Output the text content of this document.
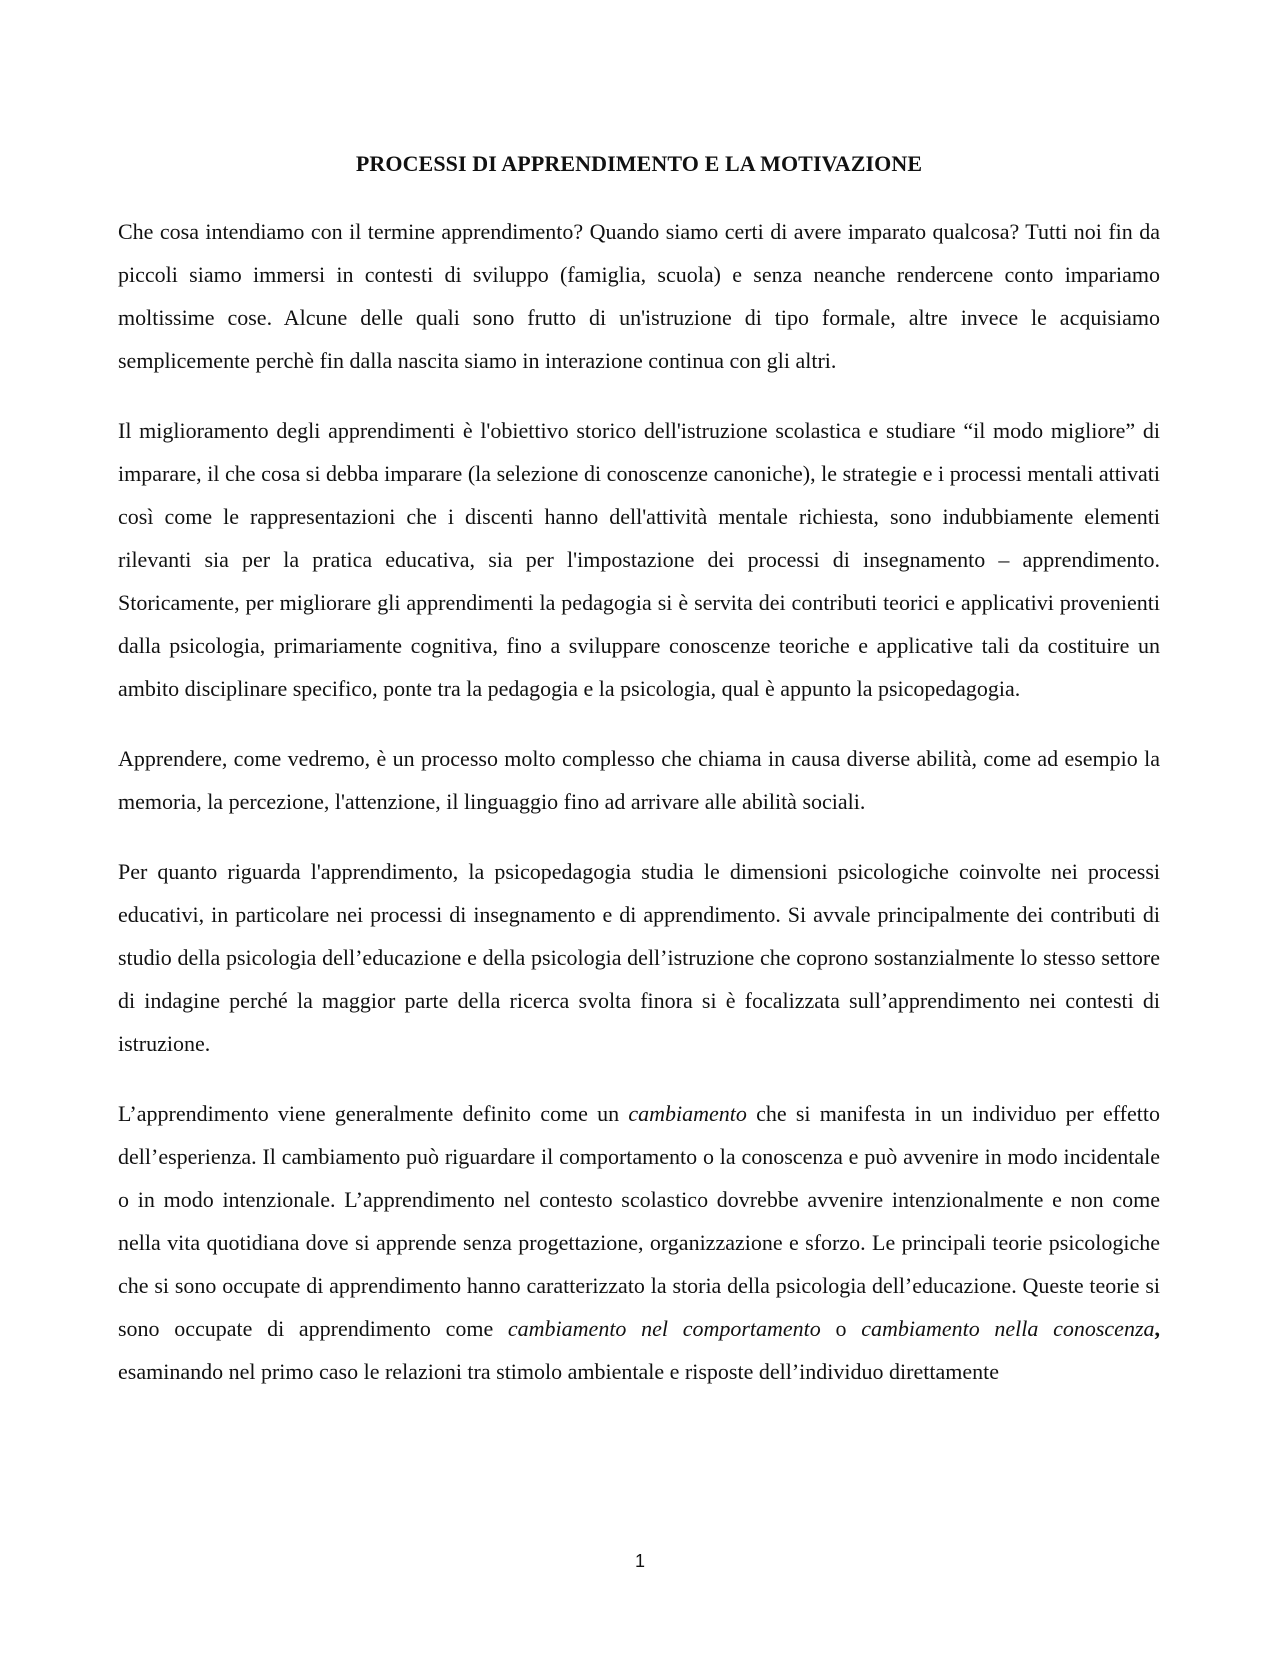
PROCESSI DI APPRENDIMENTO E LA MOTIVAZIONE

Che cosa intendiamo con il termine apprendimento? Quando siamo certi di avere imparato qualcosa? Tutti noi fin da piccoli siamo immersi in contesti di sviluppo (famiglia, scuola) e senza neanche rendercene conto impariamo moltissime cose. Alcune delle quali sono frutto di un'istruzione di tipo formale, altre invece le acquisiamo semplicemente perchè fin dalla nascita siamo in interazione continua con gli altri.

Il miglioramento degli apprendimenti è l'obiettivo storico dell'istruzione scolastica e studiare “il modo migliore” di imparare, il che cosa si debba imparare (la selezione di conoscenze canoniche), le strategie e i processi mentali attivati così come le rappresentazioni che i discenti hanno dell'attività mentale richiesta, sono indubbiamente elementi rilevanti sia per la pratica educativa, sia per l'impostazione dei processi di insegnamento – apprendimento. Storicamente, per migliorare gli apprendimenti la pedagogia si è servita dei contributi teorici e applicativi provenienti dalla psicologia, primariamente cognitiva, fino a sviluppare conoscenze teoriche e applicative tali da costituire un ambito disciplinare specifico, ponte tra la pedagogia e la psicologia, qual è appunto la psicopedagogia.

Apprendere, come vedremo, è un processo molto complesso che chiama in causa diverse abilità, come ad esempio la memoria, la percezione, l'attenzione, il linguaggio fino ad arrivare alle abilità sociali.

Per quanto riguarda l'apprendimento, la psicopedagogia studia le dimensioni psicologiche coinvolte nei processi educativi, in particolare nei processi di insegnamento e di apprendimento. Si avvale principalmente dei contributi di studio della psicologia dell’educazione e della psicologia dell’istruzione che coprono sostanzialmente lo stesso settore di indagine perché la maggior parte della ricerca svolta finora si è focalizzata sull’apprendimento nei contesti di istruzione.

L’apprendimento viene generalmente definito come un cambiamento che si manifesta in un individuo per effetto dell’esperienza. Il cambiamento può riguardare il comportamento o la conoscenza e può avvenire in modo incidentale o in modo intenzionale. L’apprendimento nel contesto scolastico dovrebbe avvenire intenzionalmente e non come nella vita quotidiana dove si apprende senza progettazione, organizzazione e sforzo. Le principali teorie psicologiche che si sono occupate di apprendimento hanno caratterizzato la storia della psicologia dell’educazione. Queste teorie si sono occupate di apprendimento come cambiamento nel comportamento o cambiamento nella conoscenza, esaminando nel primo caso le relazioni tra stimolo ambientale e risposte dell’individuo direttamente

1
